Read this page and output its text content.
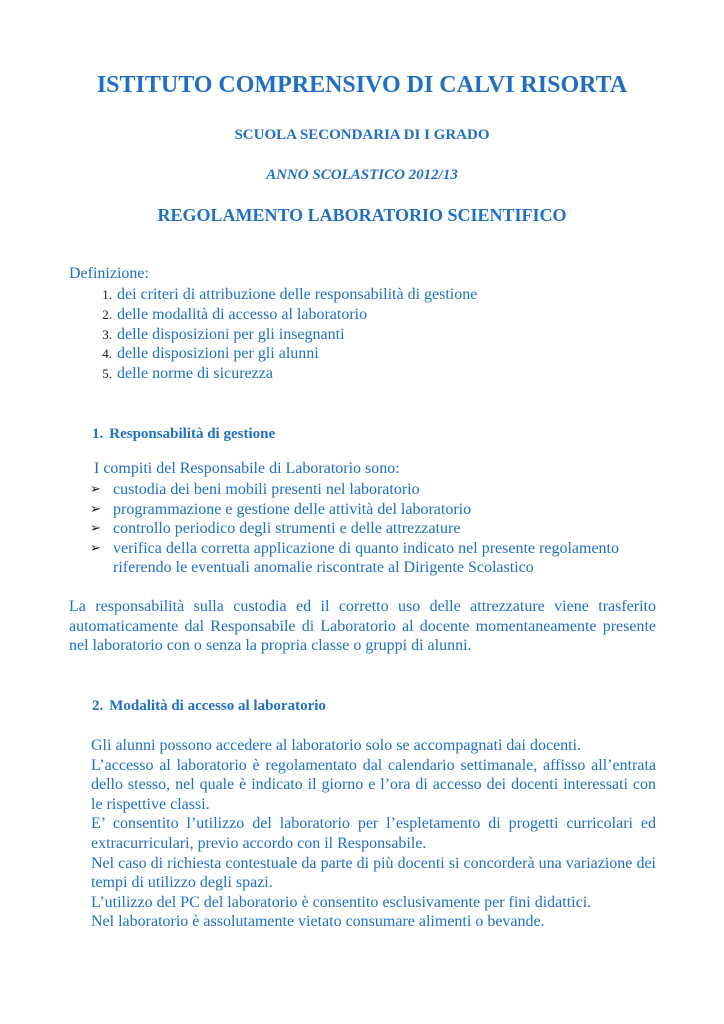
ISTITUTO COMPRENSIVO DI CALVI RISORTA
SCUOLA SECONDARIA DI I GRADO
ANNO SCOLASTICO 2012/13
REGOLAMENTO LABORATORIO SCIENTIFICO
Definizione:
1. dei criteri di attribuzione delle responsabilità di gestione
2. delle modalità di accesso al laboratorio
3. delle disposizioni per gli insegnanti
4. delle disposizioni per gli alunni
5. delle norme di sicurezza
1. Responsabilità di gestione
I compiti del Responsabile di Laboratorio sono:
➢ custodia dei beni mobili presenti nel laboratorio
➢ programmazione e gestione delle attività del laboratorio
➢ controllo periodico degli strumenti e delle attrezzature
➢ verifica della corretta applicazione di quanto indicato nel presente regolamento riferendo le eventuali anomalie riscontrate al Dirigente Scolastico
La responsabilità sulla custodia ed il corretto uso delle attrezzature viene trasferito automaticamente dal Responsabile di Laboratorio al docente momentaneamente presente nel laboratorio con o senza la propria classe o gruppi di alunni.
2. Modalità di accesso al laboratorio
Gli alunni possono accedere al laboratorio solo se accompagnati dai docenti.
L’accesso al laboratorio è regolamentato dal calendario settimanale, affisso all’entrata dello stesso, nel quale è indicato il giorno e l’ora di accesso dei docenti interessati con le rispettive classi.
E’ consentito l’utilizzo del laboratorio per l’espletamento di progetti curricolari ed extracurriculari, previo accordo con il Responsabile.
Nel caso di richiesta contestuale da parte di più docenti si concorderà una variazione dei tempi di utilizzo degli spazi.
L’utilizzo del PC del laboratorio è consentito esclusivamente per fini didattici.
Nel laboratorio è assolutamente vietato consumare alimenti o bevande.
